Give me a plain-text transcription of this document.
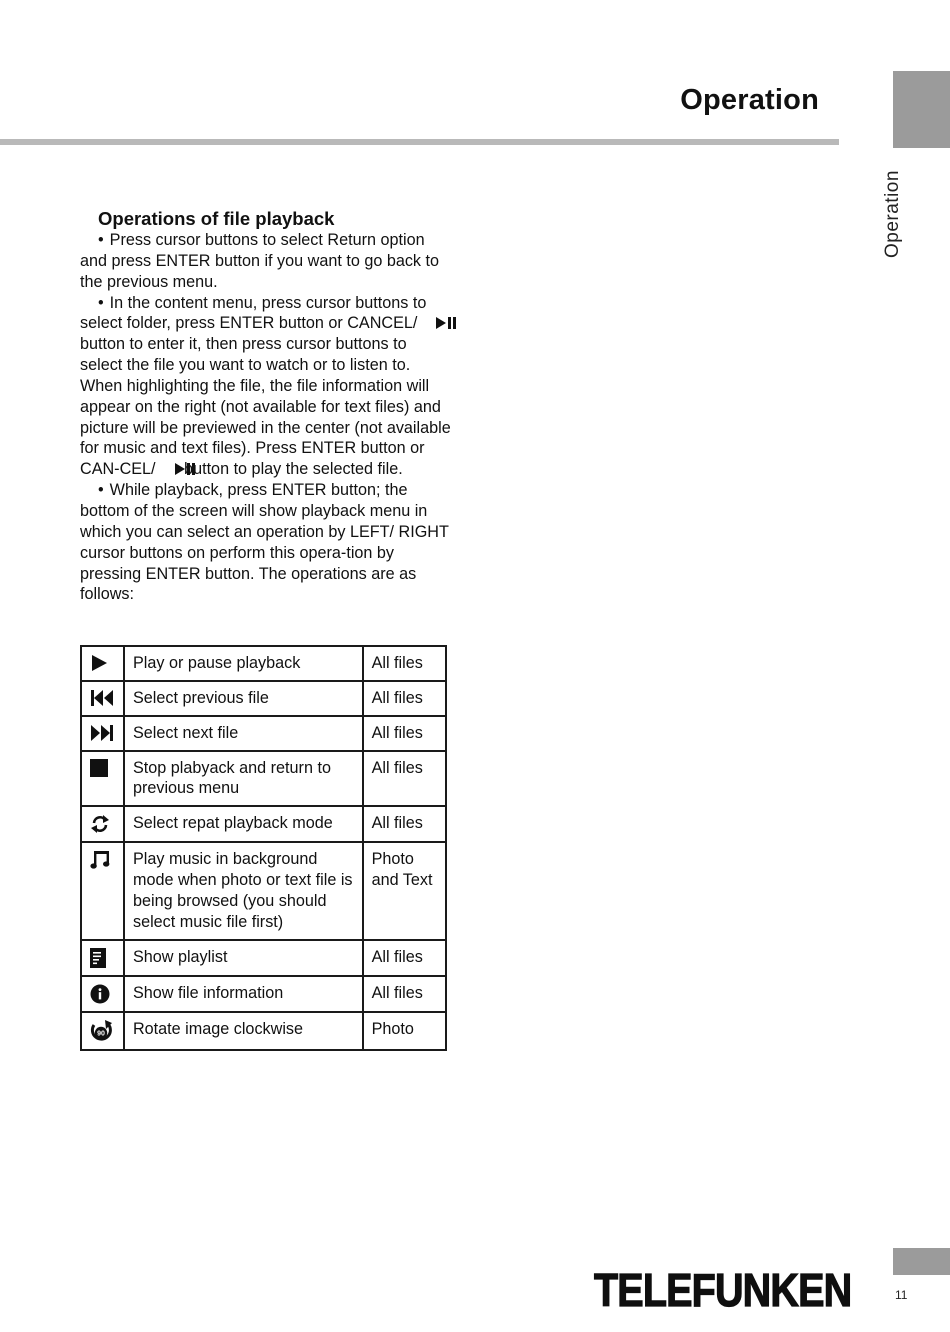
Operation
Operation
Operations of file playback

• Press cursor buttons to select Return option and press ENTER button if you want to go back to the previous menu.

• In the content menu, press cursor buttons to select folder, press ENTER button or CANCEL/ button to enter it, then press cursor buttons to select the file you want to watch or to listen to. When highlighting the file, the file information will appear on the right (not available for text files) and picture will be previewed in the center (not available for music and text files). Press ENTER button or CAN-CEL/ button to play the selected file.

• While playback, press ENTER button; the bottom of the screen will show playback menu in which you can select an operation by LEFT/ RIGHT cursor buttons on perform this opera-tion by pressing ENTER button. The operations are as follows:

	Play or pause playback	All files

	Select previous file	All files

	Select next file	All files

	Stop plabyack and return to previous menu	All files

	Select repat playback mode	All files

	Play music in background mode when photo or text file is being browsed (you should select music file first)	Photo and Text

	Show playlist	All files

	Show file information	All files

90	Rotate image clockwise	Photo
TELEFUNKEN	11
